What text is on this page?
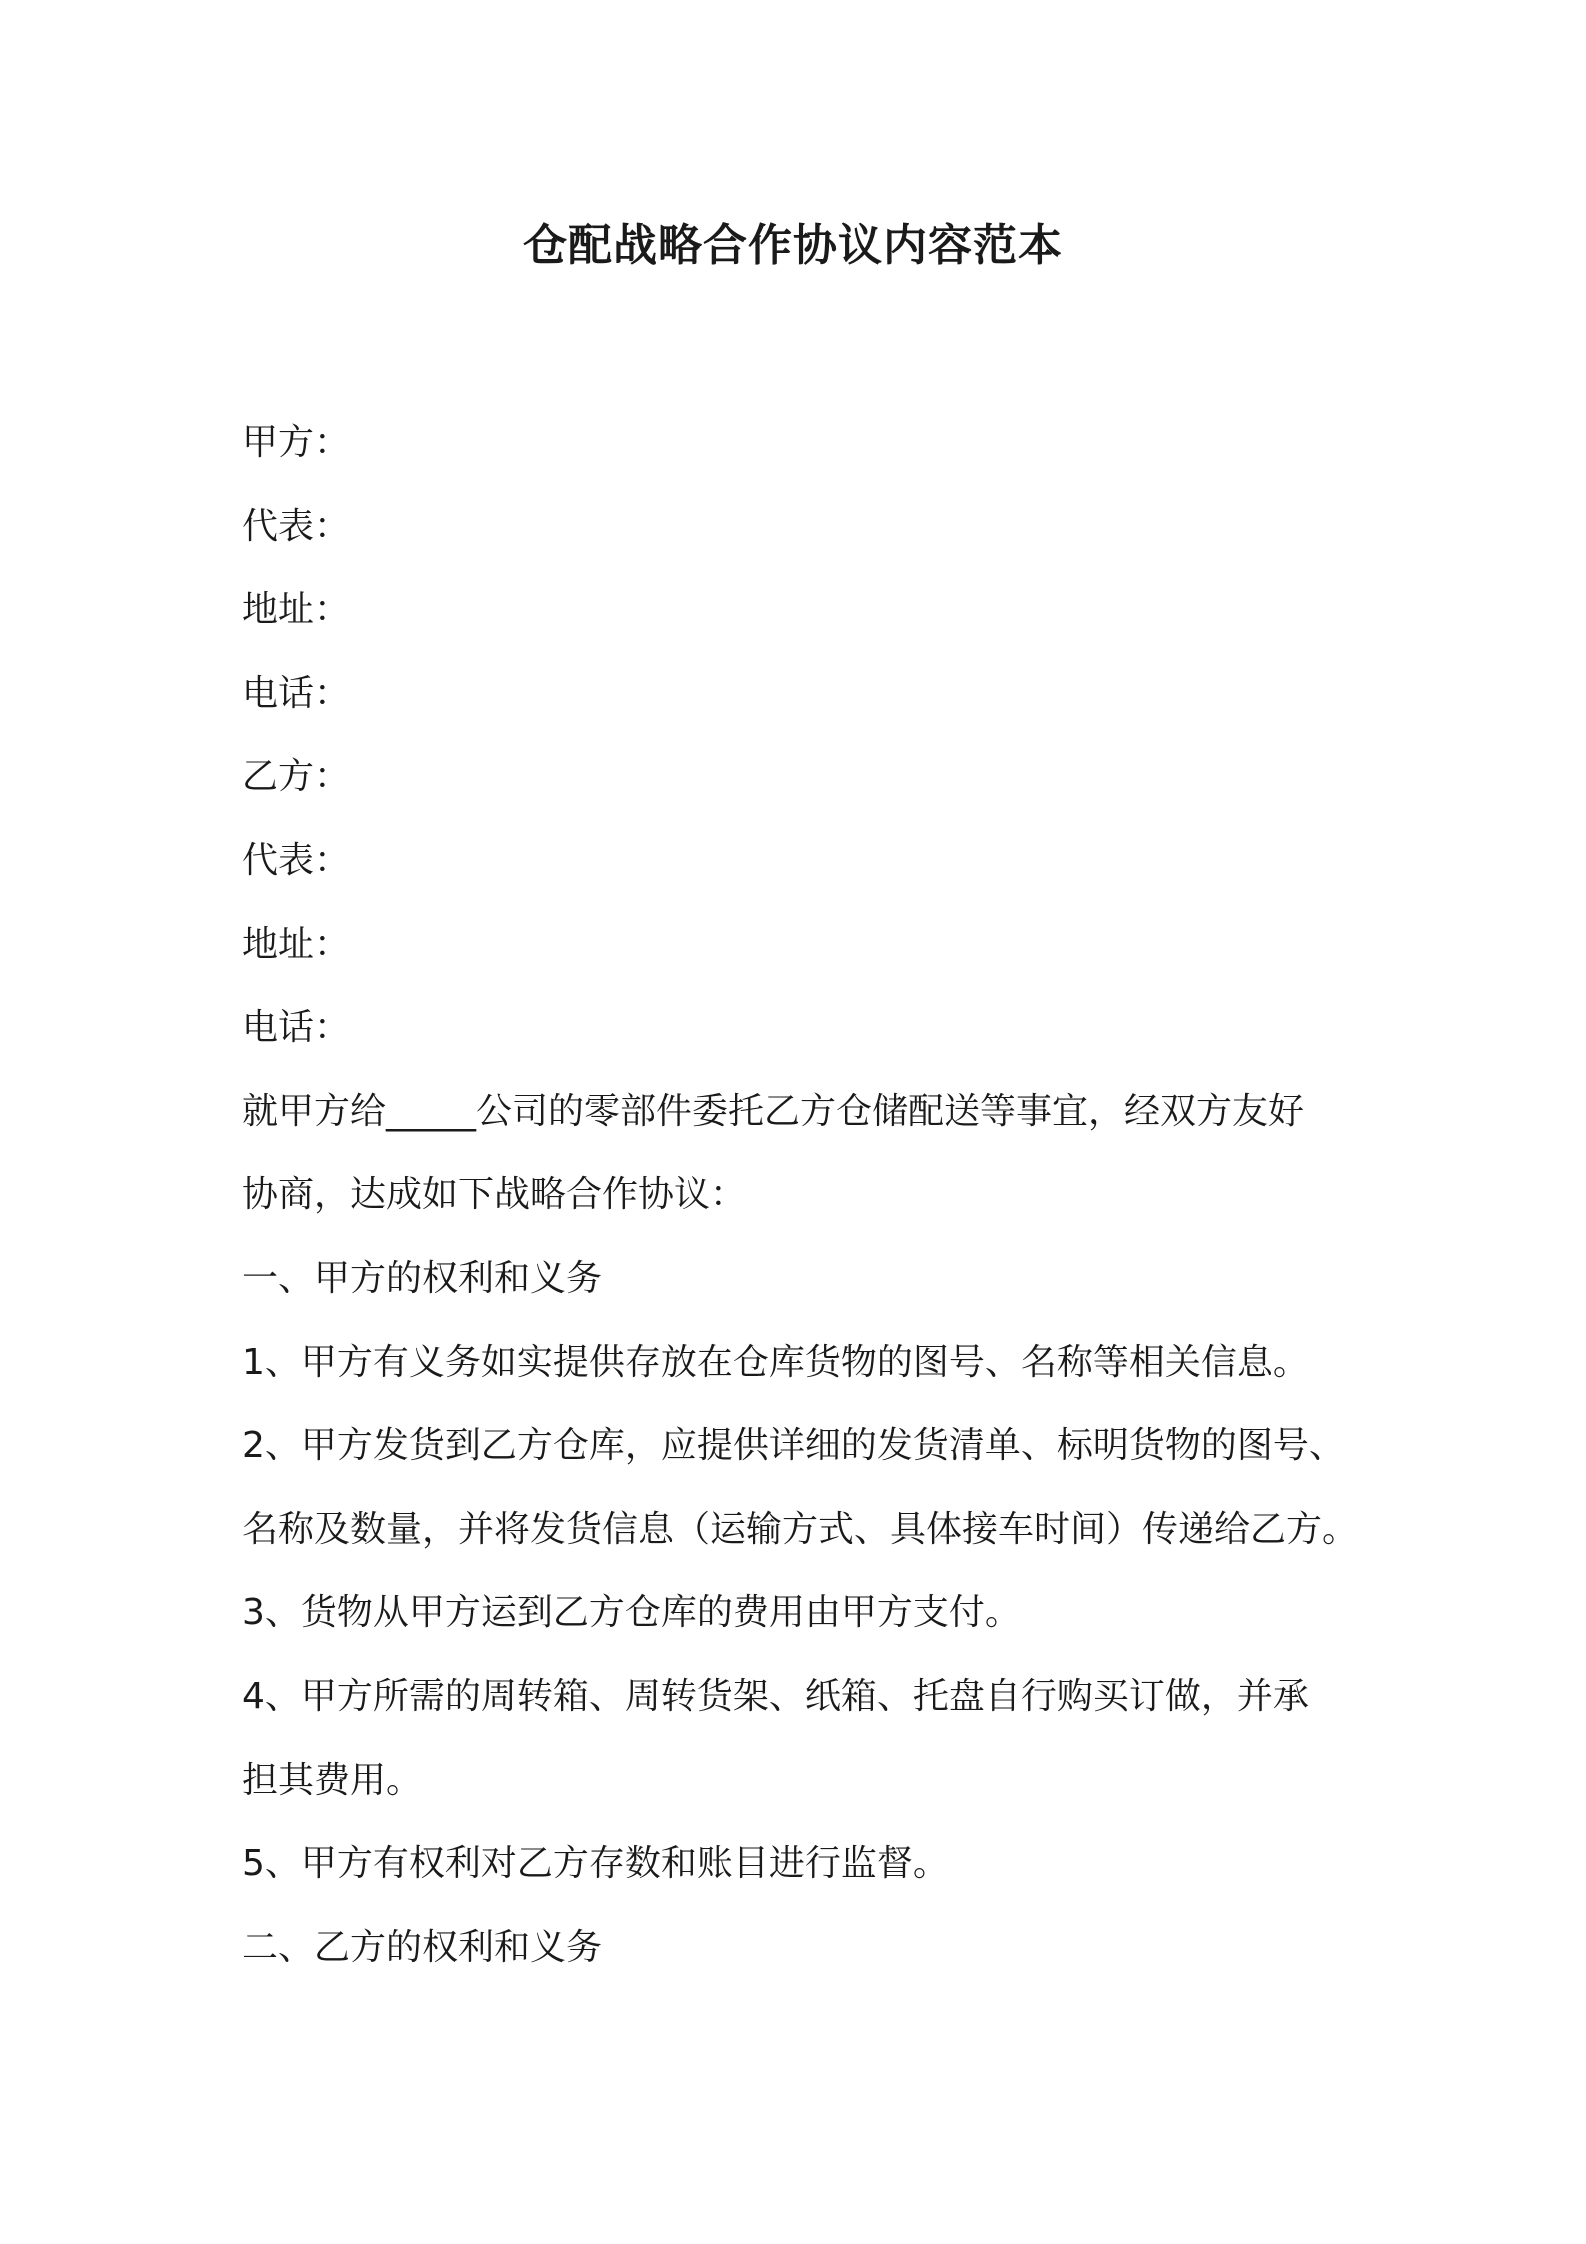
仓配战略合作协议内容范本

甲方：

代表：

地址：

电话：

乙方：

代表：

地址：

电话：

就甲方给_____公司的零部件委托乙方仓储配送等事宜，经双方友好

协商，达成如下战略合作协议：

一、甲方的权利和义务

1、甲方有义务如实提供存放在仓库货物的图号、名称等相关信息。

2、甲方发货到乙方仓库，应提供详细的发货清单、标明货物的图号、

名称及数量，并将发货信息（运输方式、具体接车时间）传递给乙方。

3、货物从甲方运到乙方仓库的费用由甲方支付。

4、甲方所需的周转箱、周转货架、纸箱、托盘自行购买订做，并承

担其费用。

5、甲方有权利对乙方存数和账目进行监督。

二、乙方的权利和义务
